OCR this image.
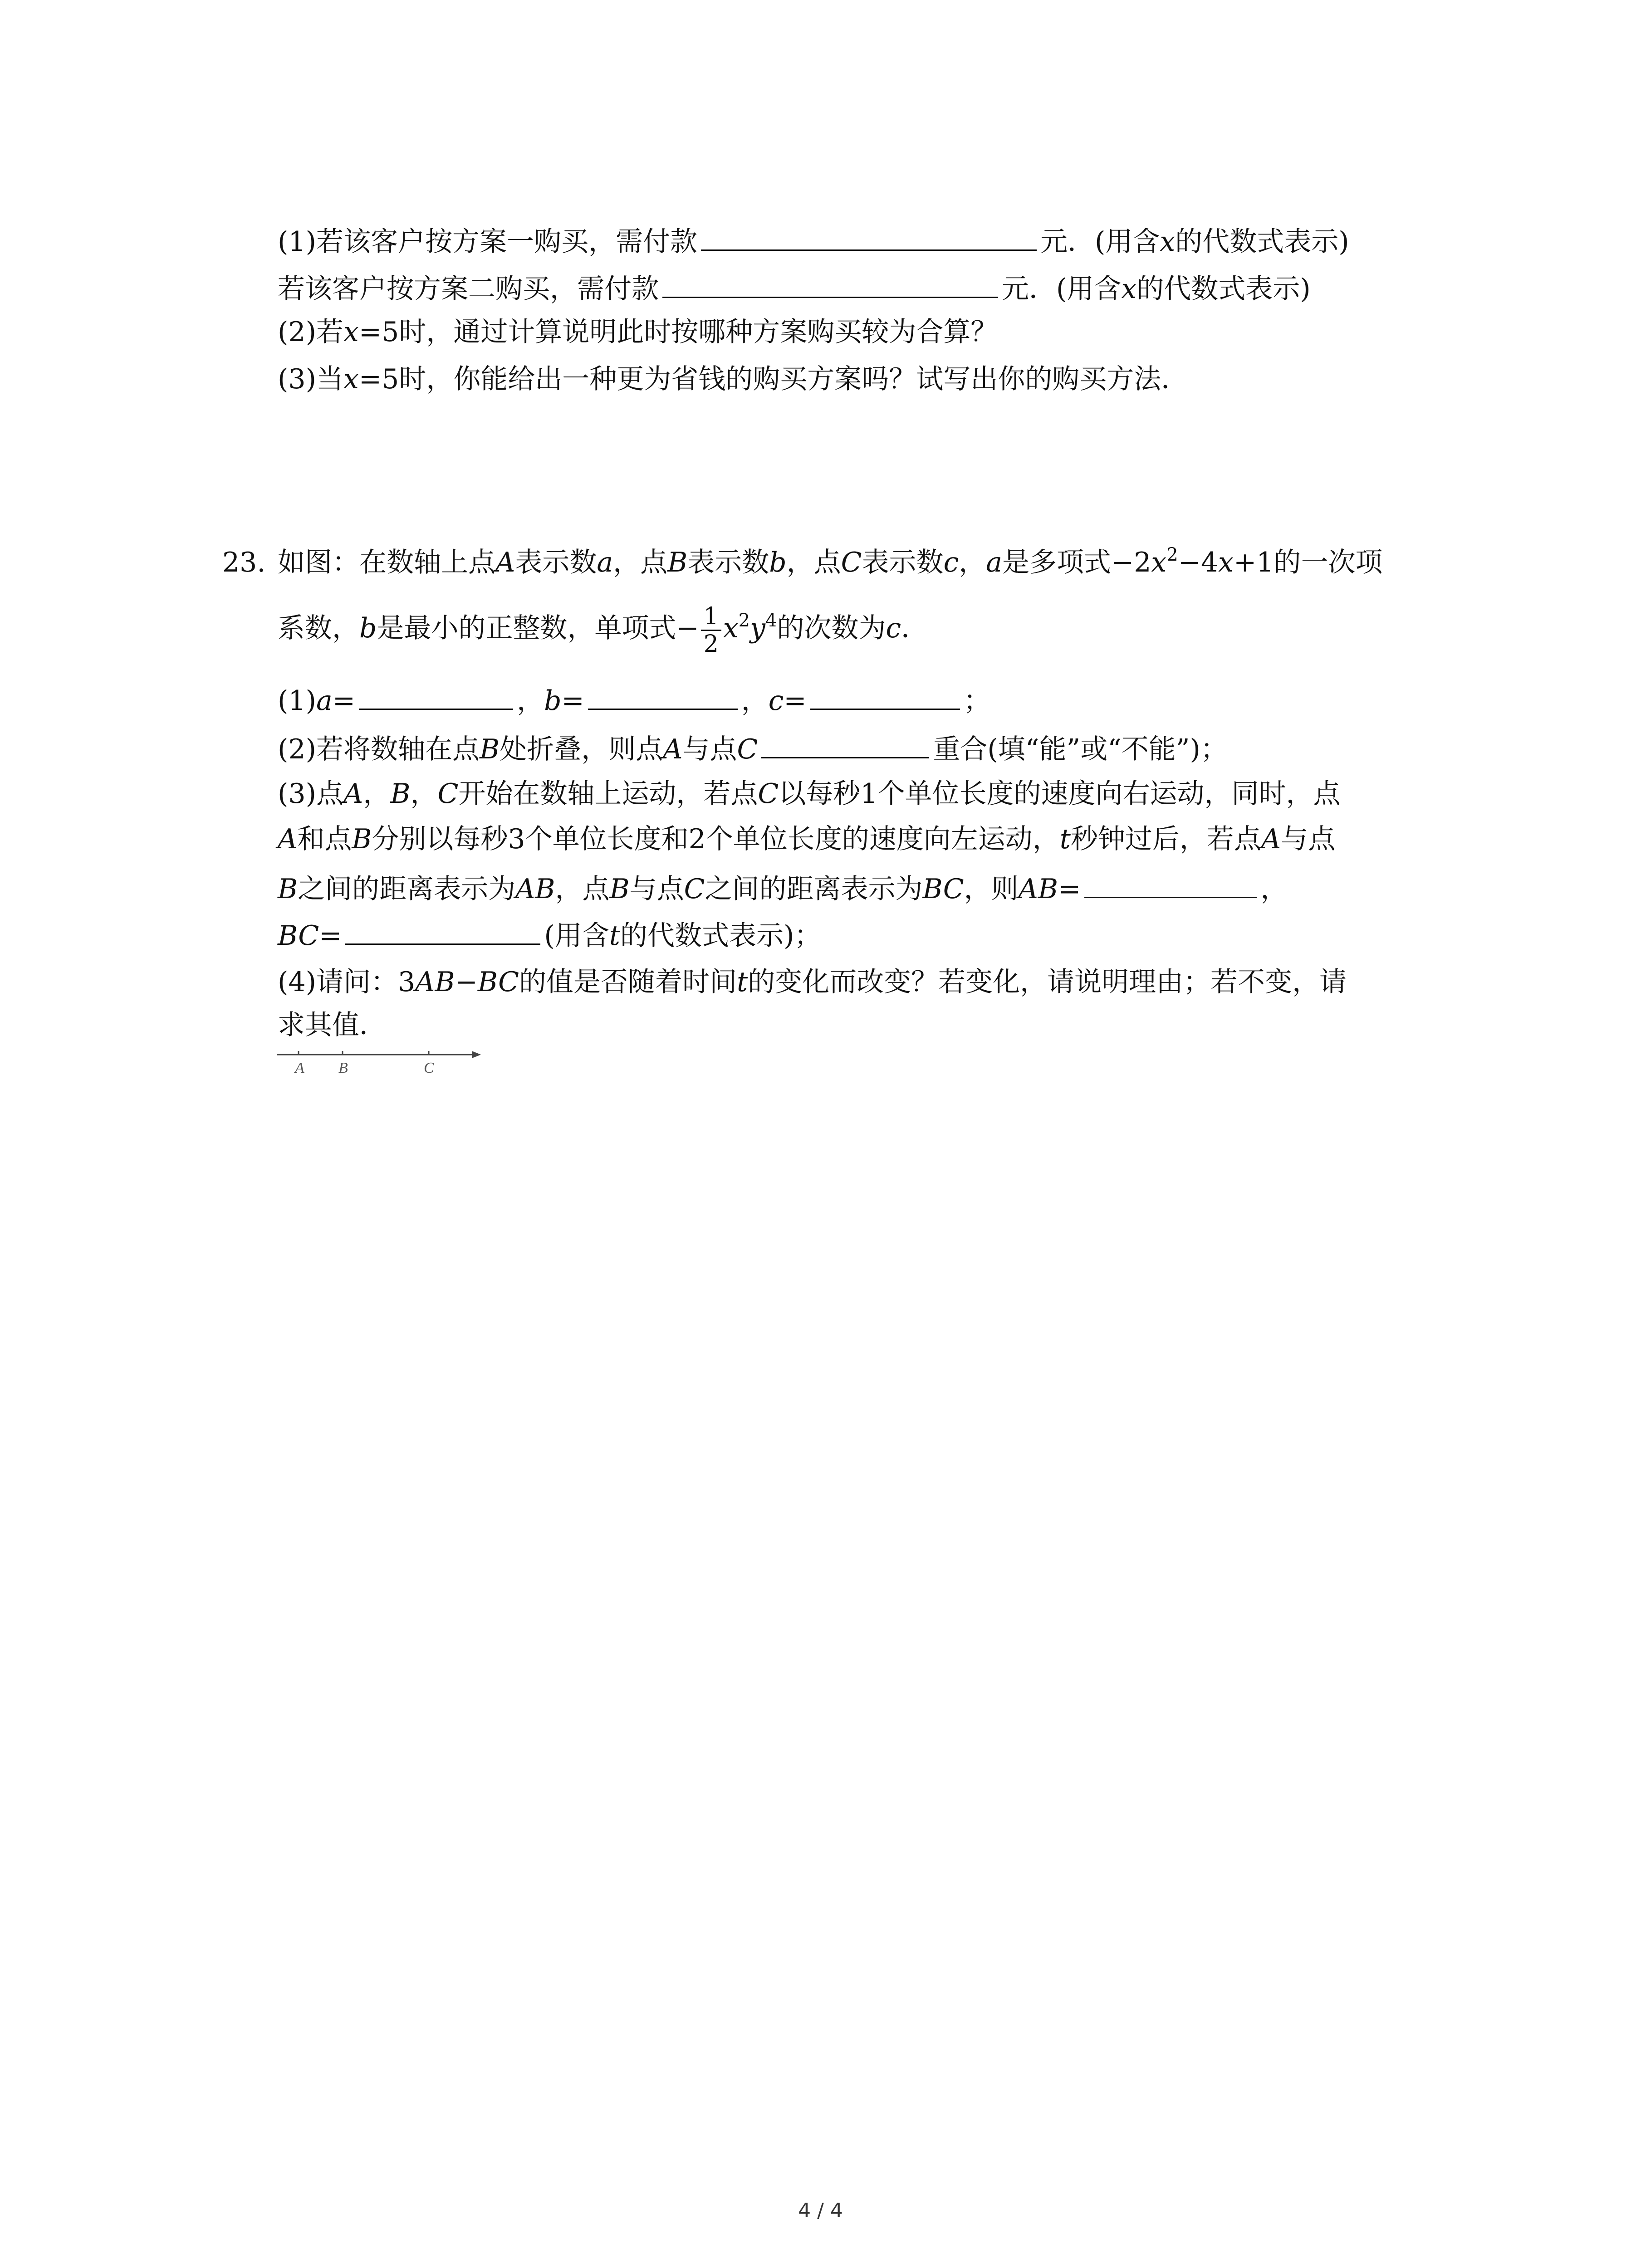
(1)若该客户按方案一购买，需付款	元．(用含x的代数式表示)
若该客户按方案二购买，需付款	元．(用含x的代数式表示)
(2)若x=5时，通过计算说明此时按哪种方案购买较为合算？
(3)当x=5时，你能给出一种更为省钱的购买方案吗？试写出你的购买方法．
23. 如图：在数轴上点A表示数a，点B表示数b，点C表示数c，a是多项式$-2x^2-4x+1$的一次项
系数，b是最小的正整数，单项式− $\frac{1}{2} x^2y^4$的次数为c．
(1)a=	，b=	，c=	；
(2)若将数轴在点B处折叠，则点A与点C	重合(填“能”或“不能”)；
(3)点A，B，C开始在数轴上运动，若点C以每秒1个单位长度的速度向右运动，同时，点
A和点B分别以每秒3个单位长度和2个单位长度的速度向左运动，t秒钟过后，若点A与点
B之间的距离表示为AB，点B与点C之间的距离表示为BC，则AB=	，
BC=	(用含t的代数式表示)；
(4)请问：3AB−BC的值是否随着时间t的变化而改变？若变化，请说明理由；若不变，请
求其值．
A B	C
4 / 4
